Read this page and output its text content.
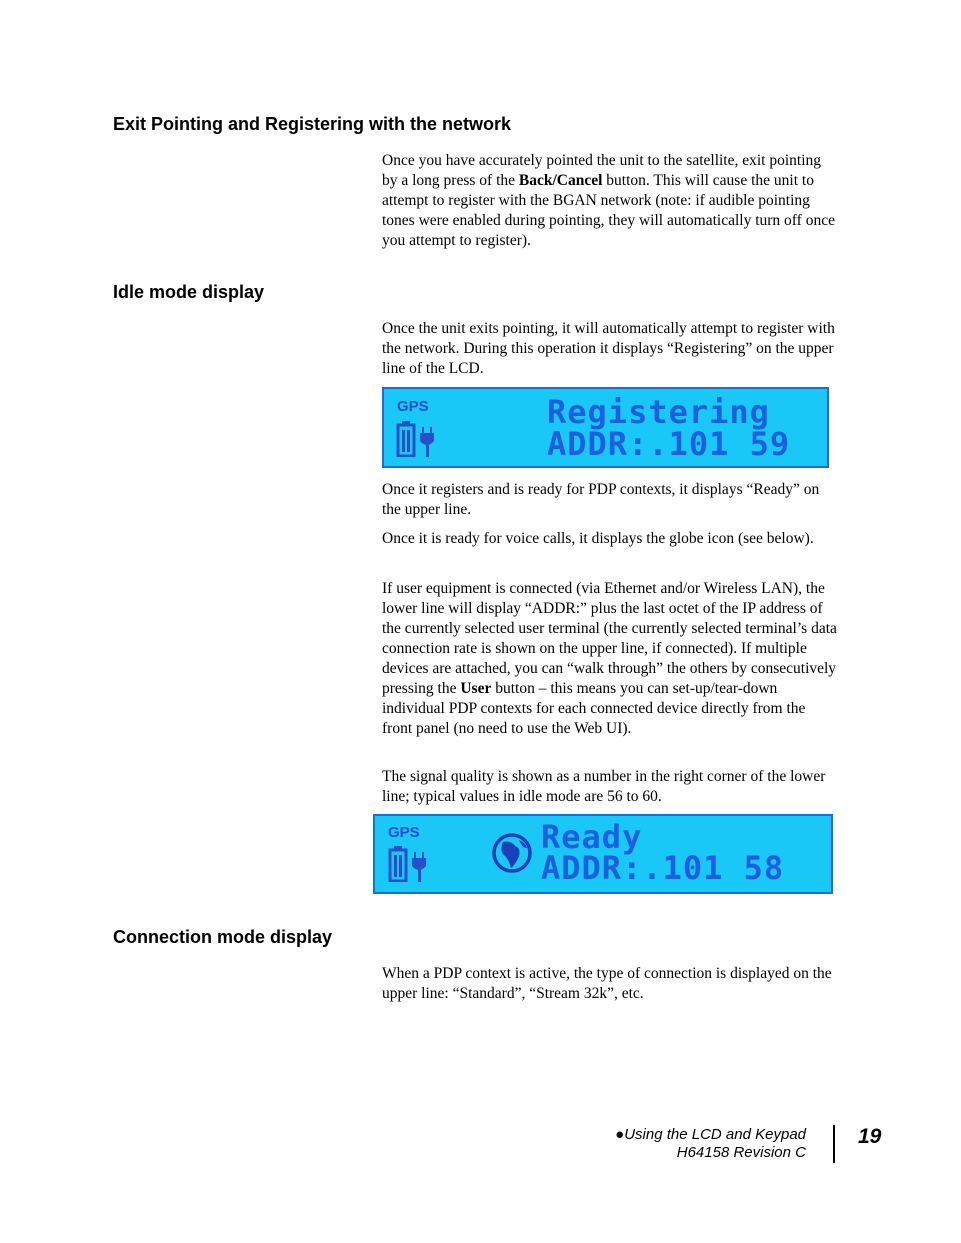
Exit Pointing and Registering with the network

Once you have accurately pointed the unit to the satellite, exit pointing by a long press of the Back/Cancel button. This will cause the unit to attempt to register with the BGAN network (note: if audible pointing tones were enabled during pointing, they will automatically turn off once you attempt to register).

Idle mode display

Once the unit exits pointing, it will automatically attempt to register with the network. During this operation it displays “Registering” on the upper line of the LCD.

GPS	Registering
ADDR:.101 59

Once it registers and is ready for PDP contexts, it displays “Ready” on the upper line.

Once it is ready for voice calls, it displays the globe icon (see below).

If user equipment is connected (via Ethernet and/or Wireless LAN), the lower line will display “ADDR:” plus the last octet of the IP address of the currently selected user terminal (the currently selected terminal’s data connection rate is shown on the upper line, if connected). If multiple devices are attached, you can “walk through” the others by consecutively pressing the User button – this means you can set-up/tear-down individual PDP contexts for each connected device directly from the front panel (no need to use the Web UI).

The signal quality is shown as a number in the right corner of the lower line; typical values in idle mode are 56 to 60.

GPS	Ready
ADDR:.101 58
Connection mode display

When a PDP context is active, the type of connection is displayed on the upper line: “Standard”, “Stream 32k”, etc.

●Using the LCD and Keypad
H64158 Revision C
19
